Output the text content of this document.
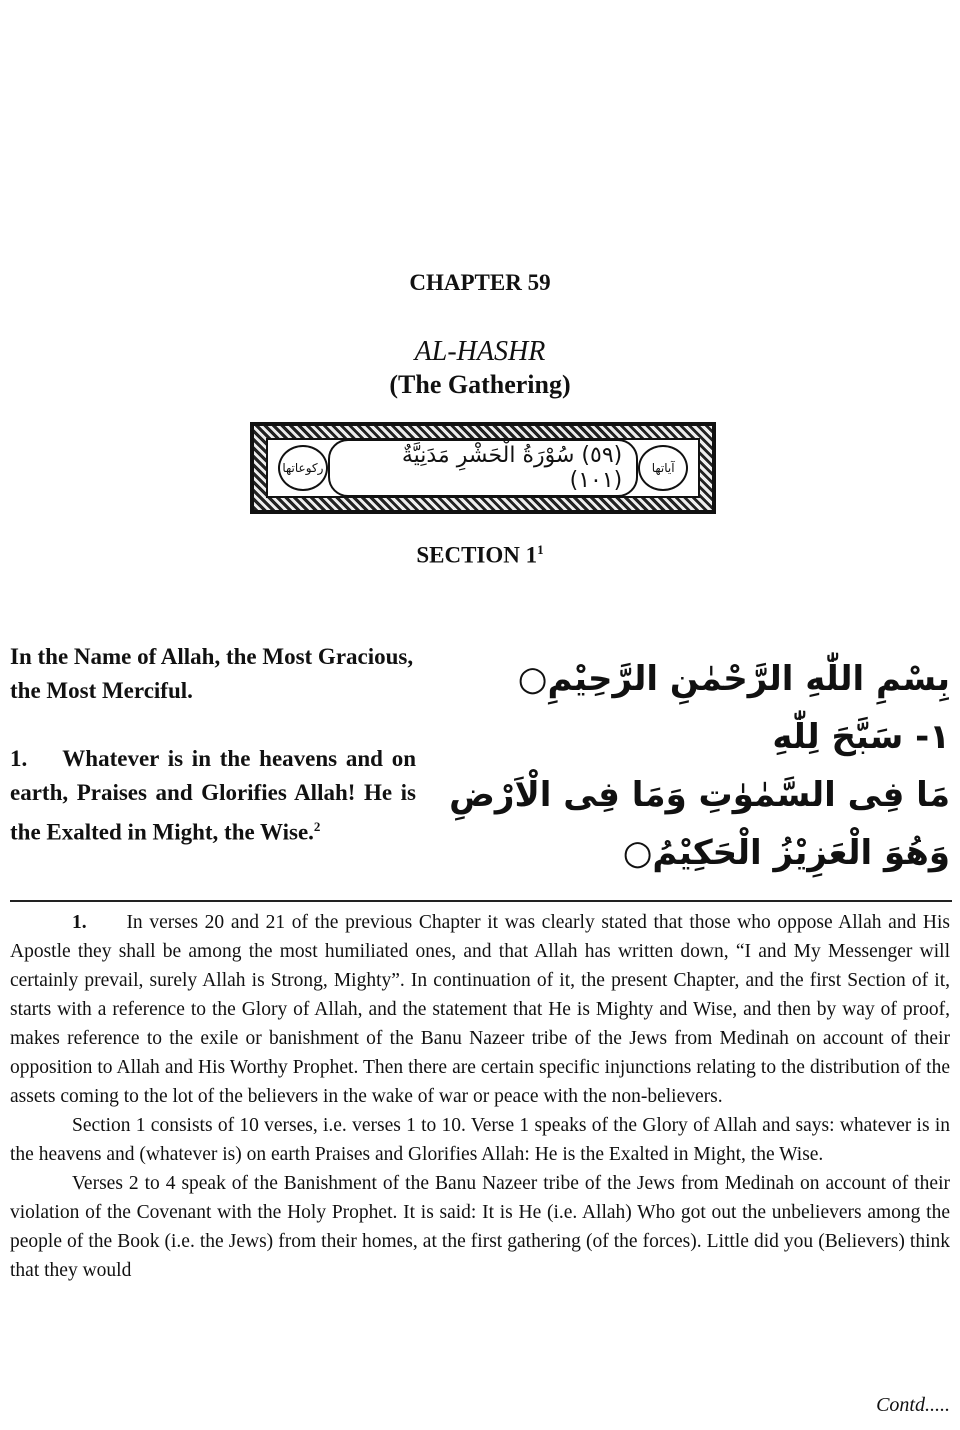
CHAPTER 59
AL-HASHR
(The Gathering)
ركوعاتها	(٥٩) سُوْرَةُ الْحَشْرِ مَدَنِيَّةٌ (١٠١)	آياتها
SECTION $1^1$

In the Name of Allah, the Most Gracious, the Most Merciful.

1. Whatever is in the heavens and on earth, Praises and Glorifies Allah! He is the Exalted in Might, the Wise.$^2$

بِسْمِ اللّٰهِ الرَّحْمٰنِ الرَّحِيْمِ○
١- سَبَّحَ لِلّٰهِ
مَا فِى السَّمٰوٰتِ وَمَا فِى الْاَرْضِ
وَهُوَ الْعَزِيْزُ الْحَكِيْمُ○

1. In verses 20 and 21 of the previous Chapter it was clearly stated that those who oppose Allah and His Apostle they shall be among the most humiliated ones, and that Allah has written down, “I and My Messenger will certainly prevail, surely Allah is Strong, Mighty”. In continuation of it, the present Chapter, and the first Section of it, starts with a reference to the Glory of Allah, and the statement that He is Mighty and Wise, and then by way of proof, makes reference to the exile or banishment of the Banu Nazeer tribe of the Jews from Medinah on account of their opposition to Allah and His Worthy Prophet. Then there are certain specific injunctions relating to the distribution of the assets coming to the lot of the believers in the wake of war or peace with the non-believers.

Section 1 consists of 10 verses, i.e. verses 1 to 10. Verse 1 speaks of the Glory of Allah and says: whatever is in the heavens and (whatever is) on earth Praises and Glorifies Allah: He is the Exalted in Might, the Wise.

Verses 2 to 4 speak of the Banishment of the Banu Nazeer tribe of the Jews from Medinah on account of their violation of the Covenant with the Holy Prophet. It is said: It is He (i.e. Allah) Who got out the unbelievers among the people of the Book (i.e. the Jews) from their homes, at the first gathering (of the forces). Little did you (Believers) think that they would

Contd.....
